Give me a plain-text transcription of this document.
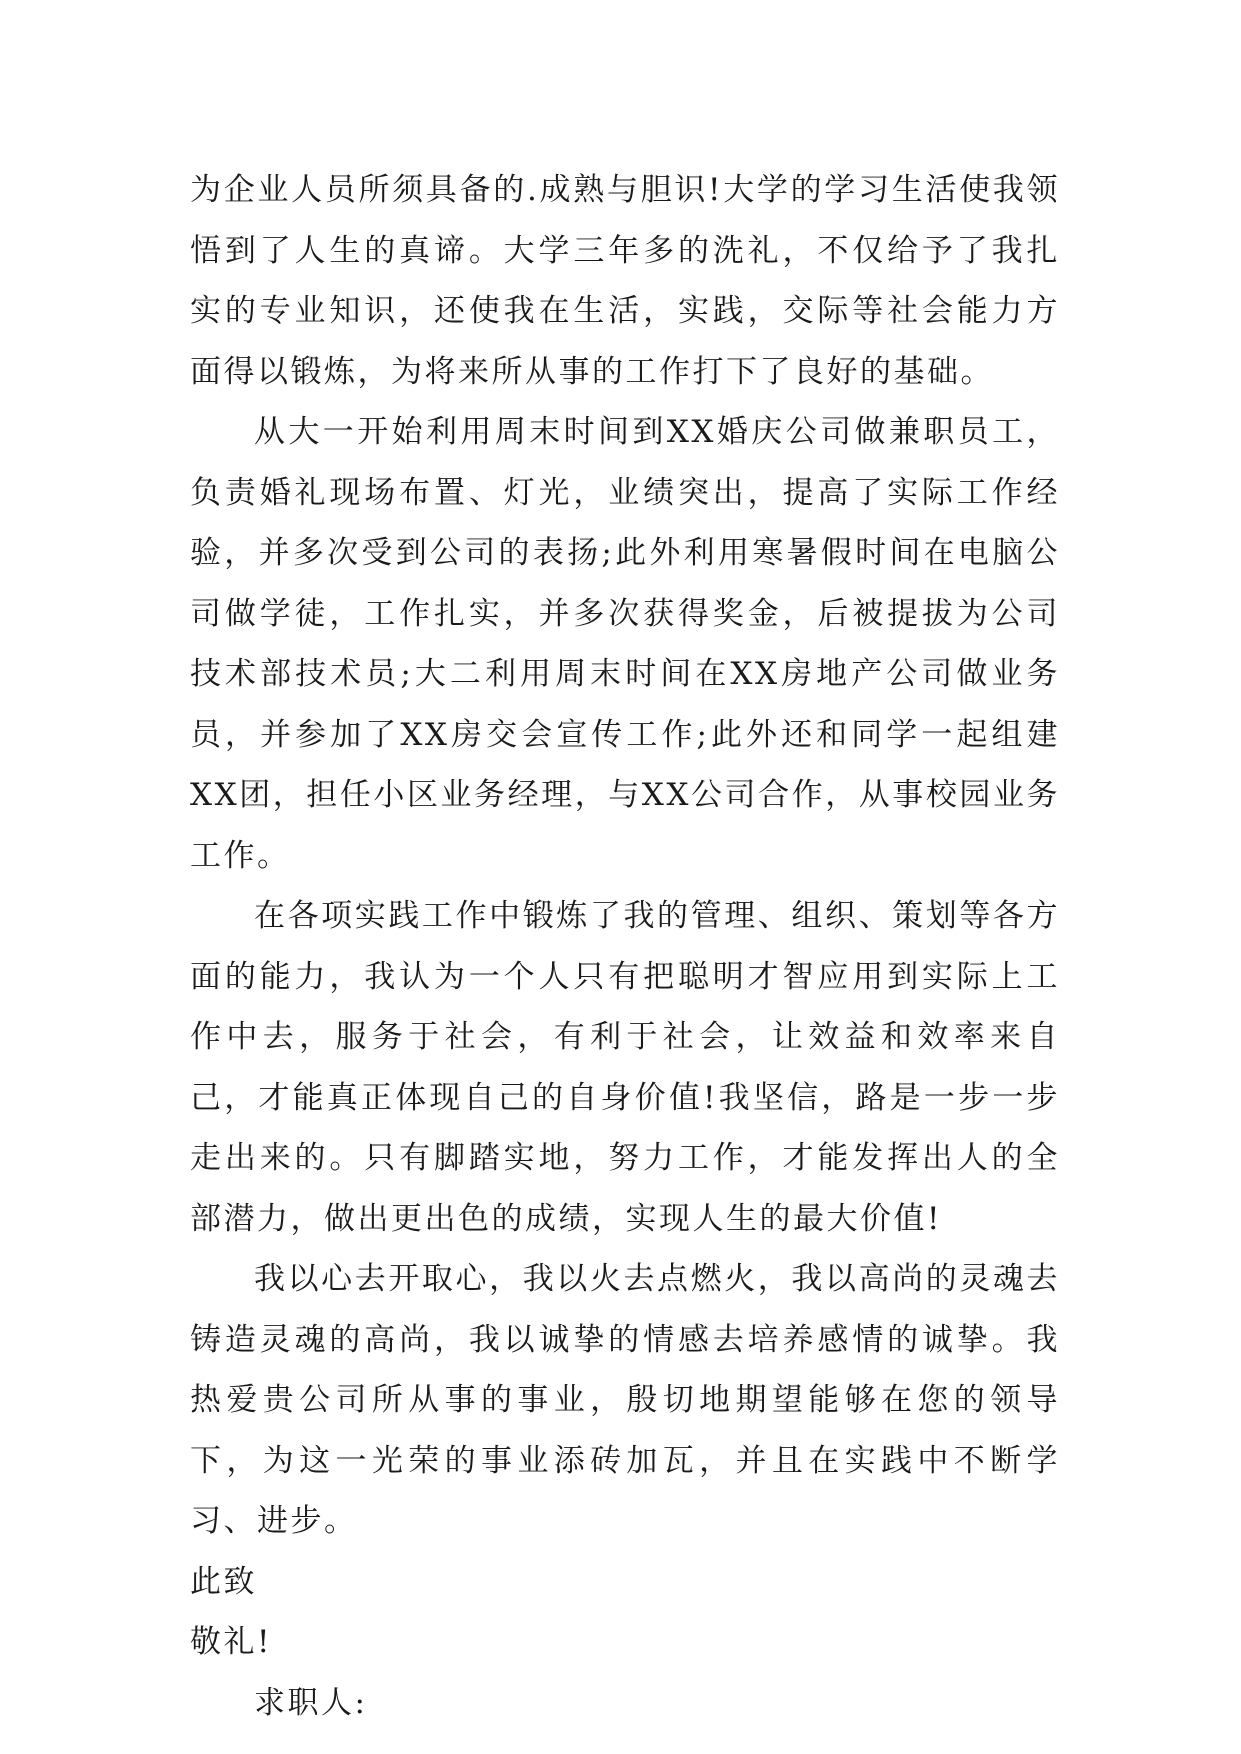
为企业人员所须具备的.成熟与胆识!大学的学习生活使我领悟到了人生的真谛。大学三年多的洗礼，不仅给予了我扎实的专业知识，还使我在生活，实践，交际等社会能力方面得以锻炼，为将来所从事的工作打下了良好的基础。

从大一开始利用周末时间到XX婚庆公司做兼职员工，负责婚礼现场布置、灯光，业绩突出，提高了实际工作经验，并多次受到公司的表扬;此外利用寒暑假时间在电脑公司做学徒，工作扎实，并多次获得奖金，后被提拔为公司技术部技术员;大二利用周末时间在XX房地产公司做业务员，并参加了XX房交会宣传工作;此外还和同学一起组建XX团，担任小区业务经理，与XX公司合作，从事校园业务工作。

在各项实践工作中锻炼了我的管理、组织、策划等各方面的能力，我认为一个人只有把聪明才智应用到实际上工作中去，服务于社会，有利于社会，让效益和效率来自己，才能真正体现自己的自身价值!我坚信，路是一步一步走出来的。只有脚踏实地，努力工作，才能发挥出人的全部潜力，做出更出色的成绩，实现人生的最大价值!

我以心去开取心，我以火去点燃火，我以高尚的灵魂去铸造灵魂的高尚，我以诚挚的情感去培养感情的诚挚。我热爱贵公司所从事的事业，殷切地期望能够在您的领导下，为这一光荣的事业添砖加瓦，并且在实践中不断学习、进步。

此致

敬礼!

求职人:
